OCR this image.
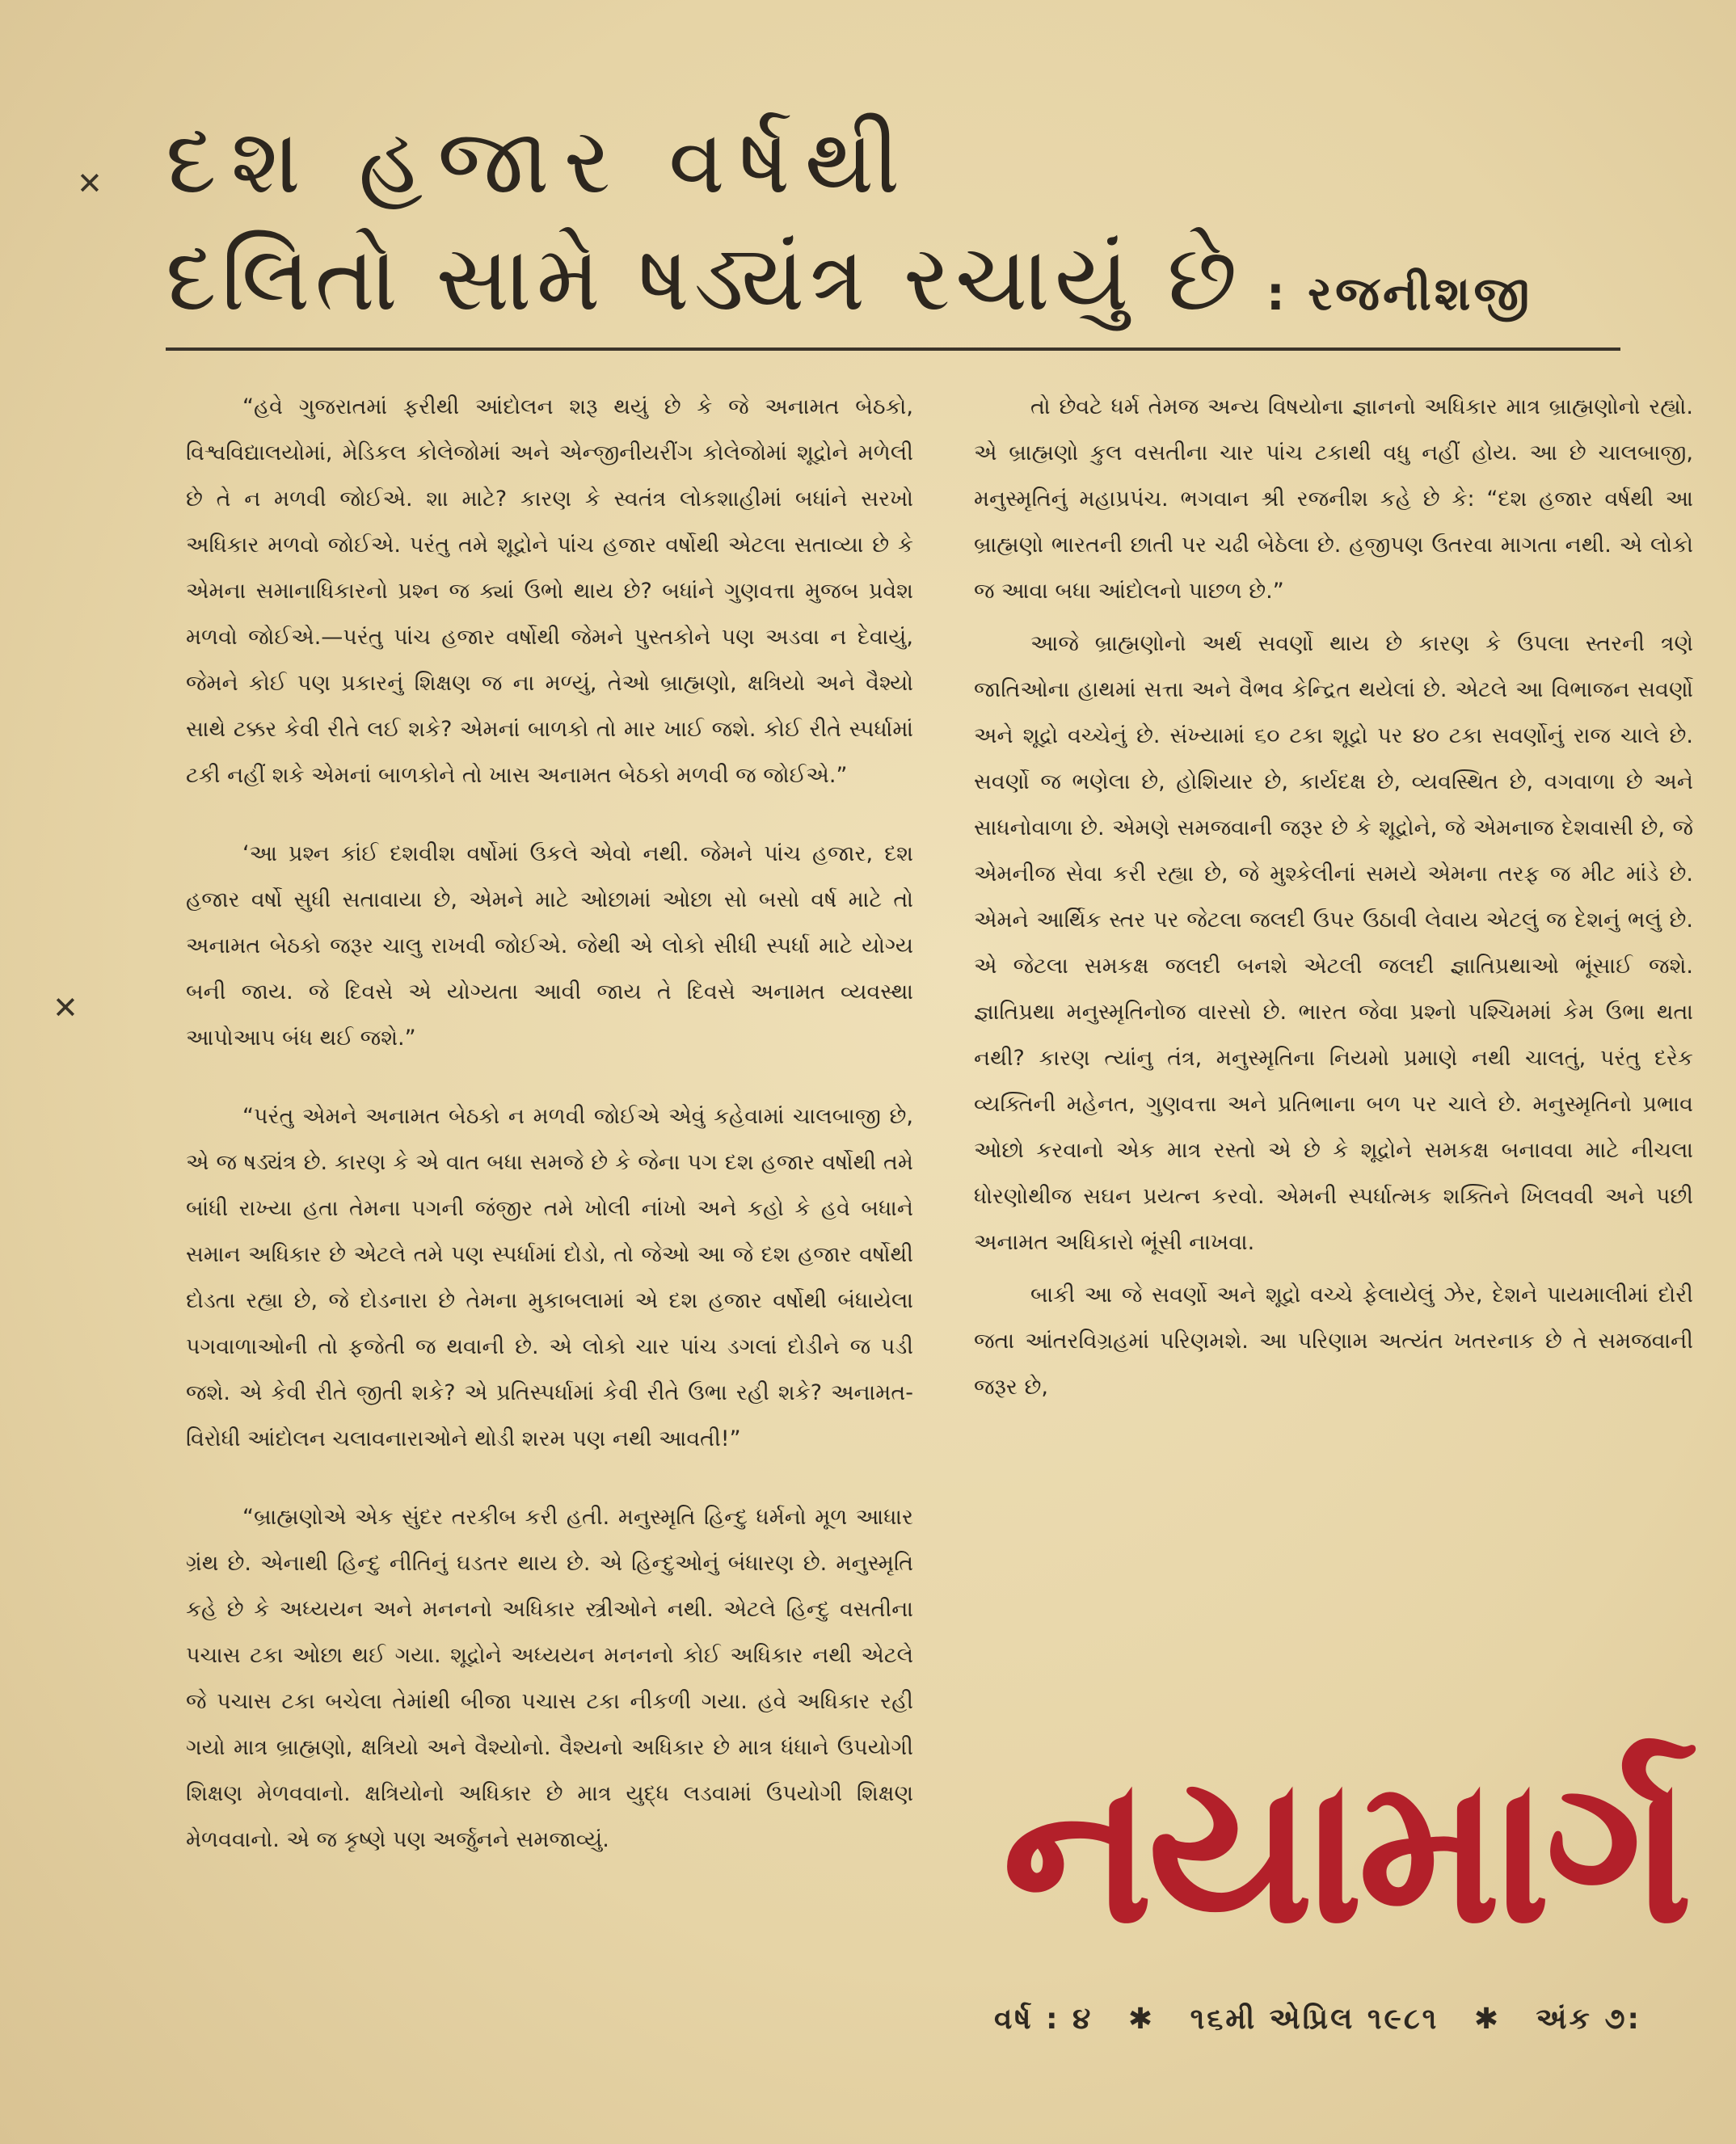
✕
✕
દશ હજાર વર્ષથી
દલિતો સામે ષડ્યંત્ર રચાયું છે : રજનીશજી

“હવે ગુજરાતમાં ફરીથી આંદોલન શરૂ થયું છે કે જે અનામત બેઠકો, વિશ્વવિદ્યાલયોમાં, મેડિકલ કોલેજોમાં અને એન્જીનીયરીંગ કોલેજોમાં શૂદ્રોને મળેલી છે તે ન મળવી જોઈએ. શા માટે? કારણ કે સ્વતંત્ર લોકશાહીમાં બધાંને સરખો અધિકાર મળવો જોઈએ. પરંતુ તમે શૂદ્રોને પાંચ હજાર વર્ષોથી એટલા સતાવ્યા છે કે એમના સમાનાધિકારનો પ્રશ્ન જ ક્યાં ઉભો થાય છે? બધાંને ગુણવત્તા મુજબ પ્રવેશ મળવો જોઈએ.—પરંતુ પાંચ હજાર વર્ષોથી જેમને પુસ્તકોને પણ અડવા ન દેવાયું, જેમને કોઈ પણ પ્રકારનું શિક્ષણ જ ના મળ્યું, તેઓ બ્રાહ્મણો, ક્ષત્રિયો અને વૈશ્યો સાથે ટક્કર કેવી રીતે લઈ શકે? એમનાં બાળકો તો માર ખાઈ જશે. કોઈ રીતે સ્પર્ધામાં ટકી નહીં શકે એમનાં બાળકોને તો ખાસ અનામત બેઠકો મળવી જ જોઈએ.”

‘આ પ્રશ્ન કાંઈ દશવીશ વર્ષોમાં ઉકલે એવો નથી. જેમને પાંચ હજાર, દશ હજાર વર્ષો સુધી સતાવાયા છે, એમને માટે ઓછામાં ઓછા સો બસો વર્ષ માટે તો અનામત બેઠકો જરૂર ચાલુ રાખવી જોઈએ. જેથી એ લોકો સીધી સ્પર્ધા માટે યોગ્ય બની જાય. જે દિવસે એ યોગ્યતા આવી જાય તે દિવસે અનામત વ્યવસ્થા આપોઆપ બંધ થઈ જશે.”

“પરંતુ એમને અનામત બેઠકો ન મળવી જોઈએ એવું કહેવામાં ચાલબાજી છે, એ જ ષડ્યંત્ર છે. કારણ કે એ વાત બધા સમજે છે કે જેના પગ દશ હજાર વર્ષોથી તમે બાંધી રાખ્યા હતા તેમના પગની જંજીર તમે ખોલી નાંખો અને કહો કે હવે બધાને સમાન અધિકાર છે એટલે તમે પણ સ્પર્ધામાં દોડો, તો જેઓ આ જે દશ હજાર વર્ષોથી દોડતા રહ્યા છે, જે દોડનારા છે તેમના મુકાબલામાં એ દશ હજાર વર્ષોથી બંધાયેલા પગવાળાઓની તો ફજેતી જ થવાની છે. એ લોકો ચાર પાંચ ડગલાં દોડીને જ પડી જશે. એ કેવી રીતે જીતી શકે? એ પ્રતિસ્પર્ધામાં કેવી રીતે ઉભા રહી શકે? અનામત-વિરોધી આંદોલન ચલાવનારાઓને થોડી શરમ પણ નથી આવતી!”

“બ્રાહ્મણોએ એક સુંદર તરકીબ કરી હતી. મનુસ્મૃતિ હિન્દુ ધર્મનો મૂળ આધાર ગ્રંથ છે. એનાથી હિન્દુ નીતિનું ઘડતર થાય છે. એ હિન્દુઓનું બંધારણ છે. મનુસ્મૃતિ કહે છે કે અધ્યયન અને મનનનો અધિકાર સ્ત્રીઓને નથી. એટલે હિન્દુ વસતીના પચાસ ટકા ઓછા થઈ ગયા. શૂદ્રોને અધ્યયન મનનનો કોઈ અધિકાર નથી એટલે જે પચાસ ટકા બચેલા તેમાંથી બીજા પચાસ ટકા નીકળી ગયા. હવે અધિકાર રહી ગયો માત્ર બ્રાહ્મણો, ક્ષત્રિયો અને વૈશ્યોનો. વૈશ્યનો અધિકાર છે માત્ર ધંધાને ઉપયોગી શિક્ષણ મેળવવાનો. ક્ષત્રિયોનો અધિકાર છે માત્ર યુદ્ધ લડવામાં ઉપયોગી શિક્ષણ મેળવવાનો. એ જ કૃષ્ણે પણ અર્જુનને સમજાવ્યું.

તો છેવટે ધર્મ તેમજ અન્ય વિષયોના જ્ઞાનનો અધિકાર માત્ર બ્રાહ્મણોનો રહ્યો. એ બ્રાહ્મણો કુલ વસતીના ચાર પાંચ ટકાથી વધુ નહીં હોય. આ છે ચાલબાજી, મનુસ્મૃતિનું મહાપ્રપંચ. ભગવાન શ્રી રજનીશ કહે છે કે: “દશ હજાર વર્ષથી આ બ્રાહ્મણો ભારતની છાતી પર ચઢી બેઠેલા છે. હજીપણ ઉતરવા માગતા નથી. એ લોકો જ આવા બધા આંદોલનો પાછળ છે.”

આજે બ્રાહ્મણોનો અર્થ સવર્ણો થાય છે કારણ કે ઉપલા સ્તરની ત્રણે જાતિઓના હાથમાં સત્તા અને વૈભવ કેન્દ્રિત થયેલાં છે. એટલે આ વિભાજન સવર્ણો અને શૂદ્રો વચ્ચેનું છે. સંખ્યામાં ૬૦ ટકા શૂદ્રો પર ૪૦ ટકા સવર્ણોનું રાજ ચાલે છે. સવર્ણો જ ભણેલા છે, હોશિયાર છે, કાર્યદક્ષ છે, વ્યવસ્થિત છે, વગવાળા છે અને સાધનોવાળા છે. એમણે સમજવાની જરૂર છે કે શૂદ્રોને, જે એમનાજ દેશવાસી છે, જે એમનીજ સેવા કરી રહ્યા છે, જે મુશ્કેલીનાં સમયે એમના તરફ જ મીટ માંડે છે. એમને આર્થિક સ્તર પર જેટલા જલદી ઉપર ઉઠાવી લેવાય એટલું જ દેશનું ભલું છે. એ જેટલા સમકક્ષ જલદી બનશે એટલી જલદી જ્ઞાતિપ્રથાઓ ભૂંસાઈ જશે. જ્ઞાતિપ્રથા મનુસ્મૃતિનોજ વારસો છે. ભારત જેવા પ્રશ્નો પશ્ચિમમાં કેમ ઉભા થતા નથી? કારણ ત્યાંનુ તંત્ર, મનુસ્મૃતિના નિયમો પ્રમાણે નથી ચાલતું, પરંતુ દરેક વ્યક્તિની મહેનત, ગુણવત્તા અને પ્રતિભાના બળ પર ચાલે છે. મનુસ્મૃતિનો પ્રભાવ ઓછો કરવાનો એક માત્ર રસ્તો એ છે કે શૂદ્રોને સમકક્ષ બનાવવા માટે નીચલા ધોરણોથીજ સઘન પ્રયત્ન કરવો. એમની સ્પર્ધાત્મક શક્તિને ખિલવવી અને પછી અનામત અધિકારો ભૂંસી નાખવા.

બાકી આ જે સવર્ણો અને શૂદ્રો વચ્ચે ફેલાયેલું ઝેર, દેશને પાયમાલીમાં દોરી જતા આંતરવિગ્રહમાં પરિણમશે. આ પરિણામ અત્યંત ખતરનાક છે તે સમજવાની જરૂર છે,

નયામાર્ગ
વર્ષ : ૪ ✱ ૧૬મી એપ્રિલ ૧૯૮૧ ✱ અંક ૭:
